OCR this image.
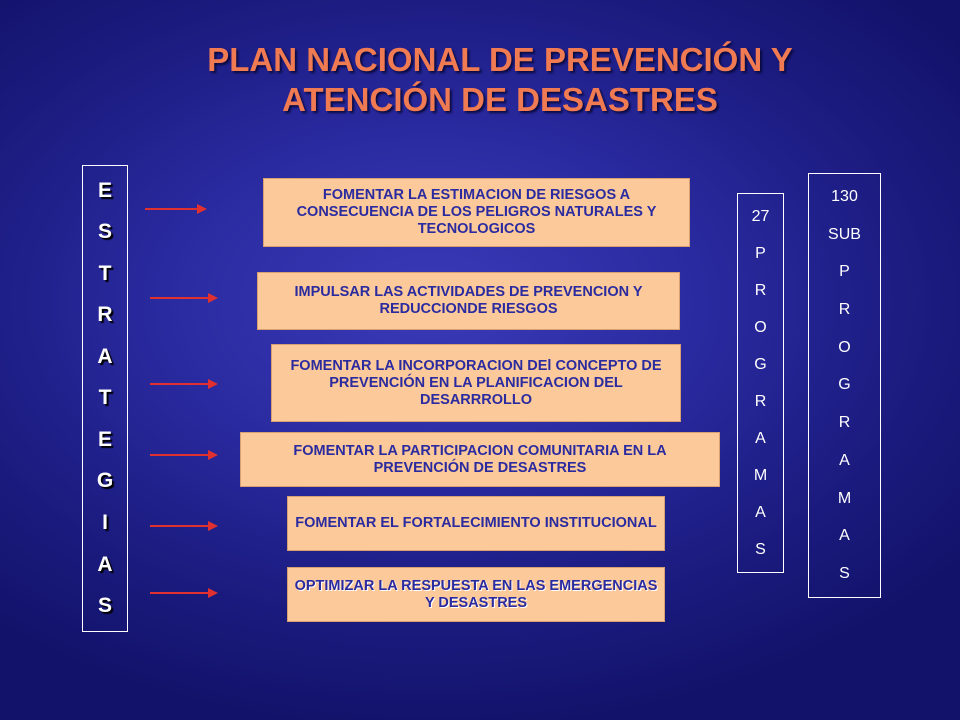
PLAN NACIONAL DE PREVENCIÓN Y
ATENCIÓN DE DESASTRES
E
S
T
R
A
T
E
G
I
A
S
FOMENTAR LA ESTIMACION DE RIESGOS A CONSECUENCIA DE LOS PELIGROS NATURALES Y TECNOLOGICOS
IMPULSAR LAS ACTIVIDADES DE PREVENCION Y REDUCCIONDE RIESGOS
FOMENTAR LA INCORPORACION DEl CONCEPTO DE PREVENCIÓN EN LA PLANIFICACION DEL DESARRROLLO
FOMENTAR LA PARTICIPACION COMUNITARIA EN LA PREVENCIÓN DE DESASTRES
FOMENTAR EL FORTALECIMIENTO INSTITUCIONAL
OPTIMIZAR LA RESPUESTA EN LAS EMERGENCIAS Y DESASTRES
27
P
R
O
G
R
A
M
A
S
130
SUB
P
R
O
G
R
A
M
A
S
